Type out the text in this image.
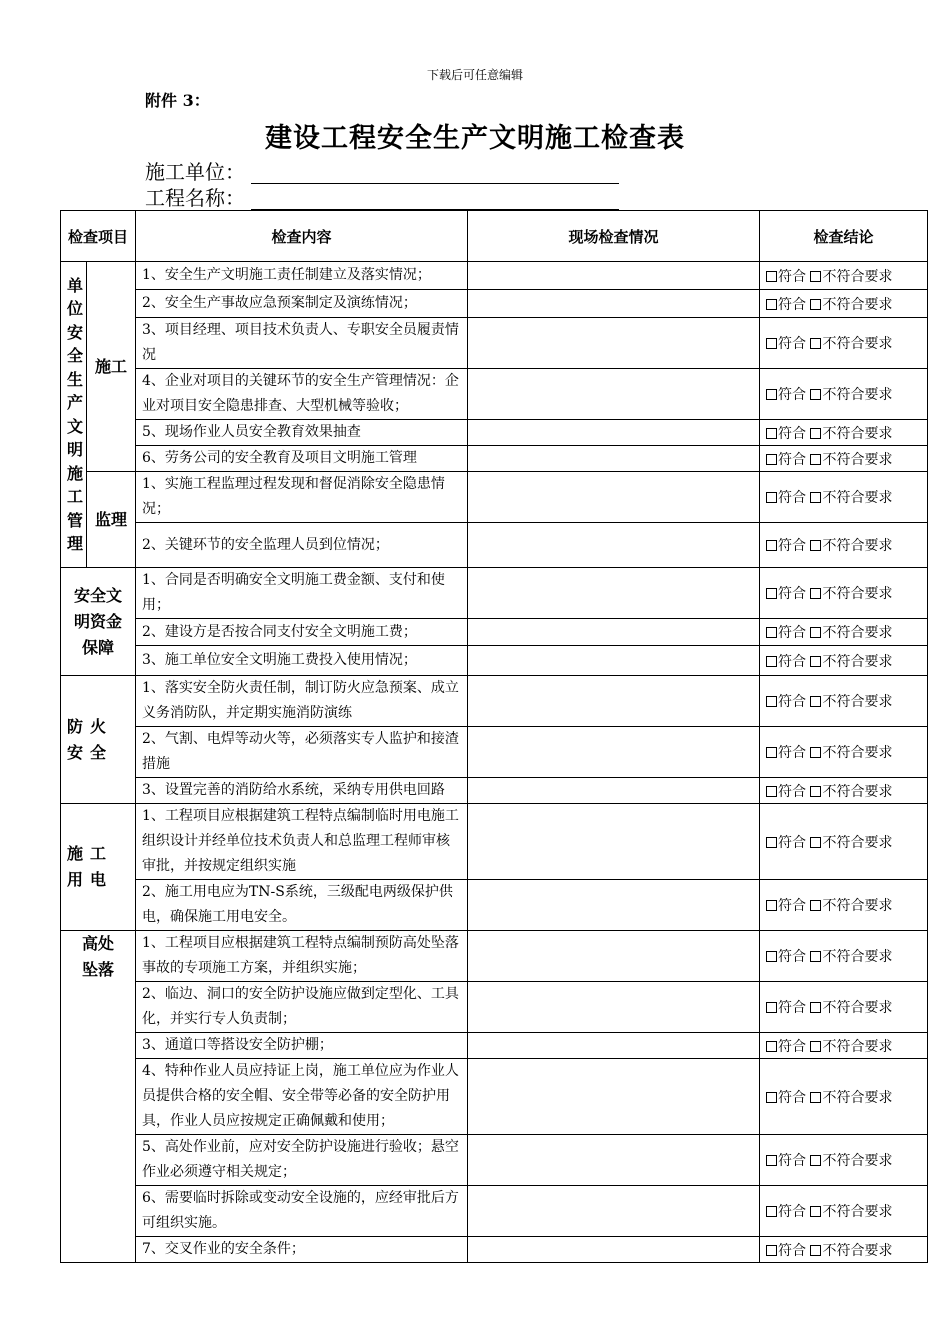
下载后可任意编辑
附件 3：
建设工程安全生产文明施工检查表
施工单位：
工程名称：
检查项目		检查内容	现场检查情况	检查结论
单位安全生产文明施工管理	施工	1、安全生产文明施工责任制建立及落实情况；		符合 不符合要求
		2、安全生产事故应急预案制定及演练情况；		符合 不符合要求
		3、项目经理、项目技术负责人、专职安全员履责情况		符合 不符合要求
		4、企业对项目的关键环节的安全生产管理情况：企业对项目安全隐患排查、大型机械等验收；		符合 不符合要求
		5、现场作业人员安全教育效果抽查		符合 不符合要求
		6、劳务公司的安全教育及项目文明施工管理		符合 不符合要求
	监理	1、实施工程监理过程发现和督促消除安全隐患情况；		符合 不符合要求
		2、关键环节的安全监理人员到位情况；		符合 不符合要求
安全文明资金保障		1、合同是否明确安全文明施工费金额、支付和使用；		符合 不符合要求
		2、建设方是否按合同支付安全文明施工费；		符合 不符合要求
		3、施工单位安全文明施工费投入使用情况；		符合 不符合要求
防火安全		1、落实安全防火责任制，制订防火应急预案、成立义务消防队，并定期实施消防演练		符合 不符合要求
		2、气割、电焊等动火等，必须落实专人监护和接渣措施		符合 不符合要求
		3、设置完善的消防给水系统，采纳专用供电回路		符合 不符合要求
施工用电		1、工程项目应根据建筑工程特点编制临时用电施工组织设计并经单位技术负责人和总监理工程师审核审批，并按规定组织实施		符合 不符合要求
		2、施工用电应为TN-S系统，三级配电两级保护供电，确保施工用电安全。		符合 不符合要求
高处坠落		1、工程项目应根据建筑工程特点编制预防高处坠落事故的专项施工方案，并组织实施；		符合 不符合要求
		2、临边、洞口的安全防护设施应做到定型化、工具化，并实行专人负责制；		符合 不符合要求
		3、通道口等搭设安全防护棚；		符合 不符合要求
		4、特种作业人员应持证上岗，施工单位应为作业人员提供合格的安全帽、安全带等必备的安全防护用具，作业人员应按规定正确佩戴和使用；		符合 不符合要求
		5、高处作业前，应对安全防护设施进行验收；悬空作业必须遵守相关规定；		符合 不符合要求
		6、需要临时拆除或变动安全设施的，应经审批后方可组织实施。		符合 不符合要求
		7、交叉作业的安全条件；		符合 不符合要求
